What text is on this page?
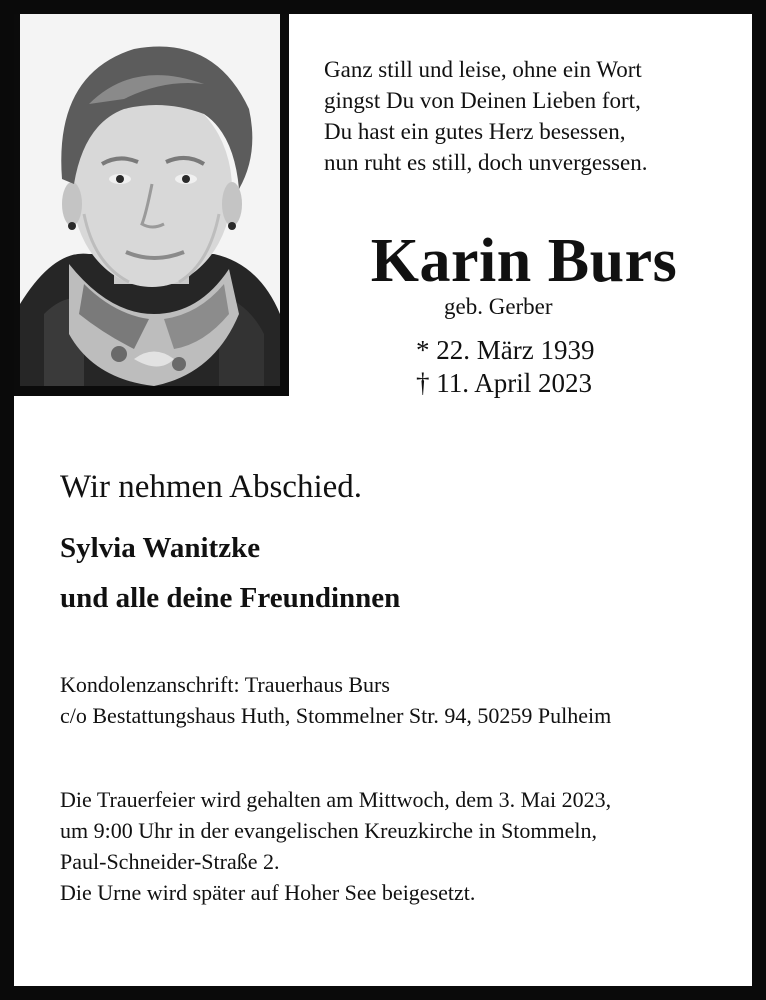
Ganz still und leise, ohne ein Wort
gingst Du von Deinen Lieben fort,
Du hast ein gutes Herz besessen,
nun ruht es still, doch unvergessen.
Karin Burs
geb. Gerber
* 22. März 1939
† 11. April 2023
Wir nehmen Abschied.
Sylvia Wanitzke
und alle deine Freundinnen
Kondolenzanschrift: Trauerhaus Burs
c/o Bestattungshaus Huth, Stommelner Str. 94, 50259 Pulheim
Die Trauerfeier wird gehalten am Mittwoch, dem 3. Mai 2023,
um 9:00 Uhr in der evangelischen Kreuzkirche in Stommeln,
Paul-Schneider-Straße 2.
Die Urne wird später auf Hoher See beigesetzt.
